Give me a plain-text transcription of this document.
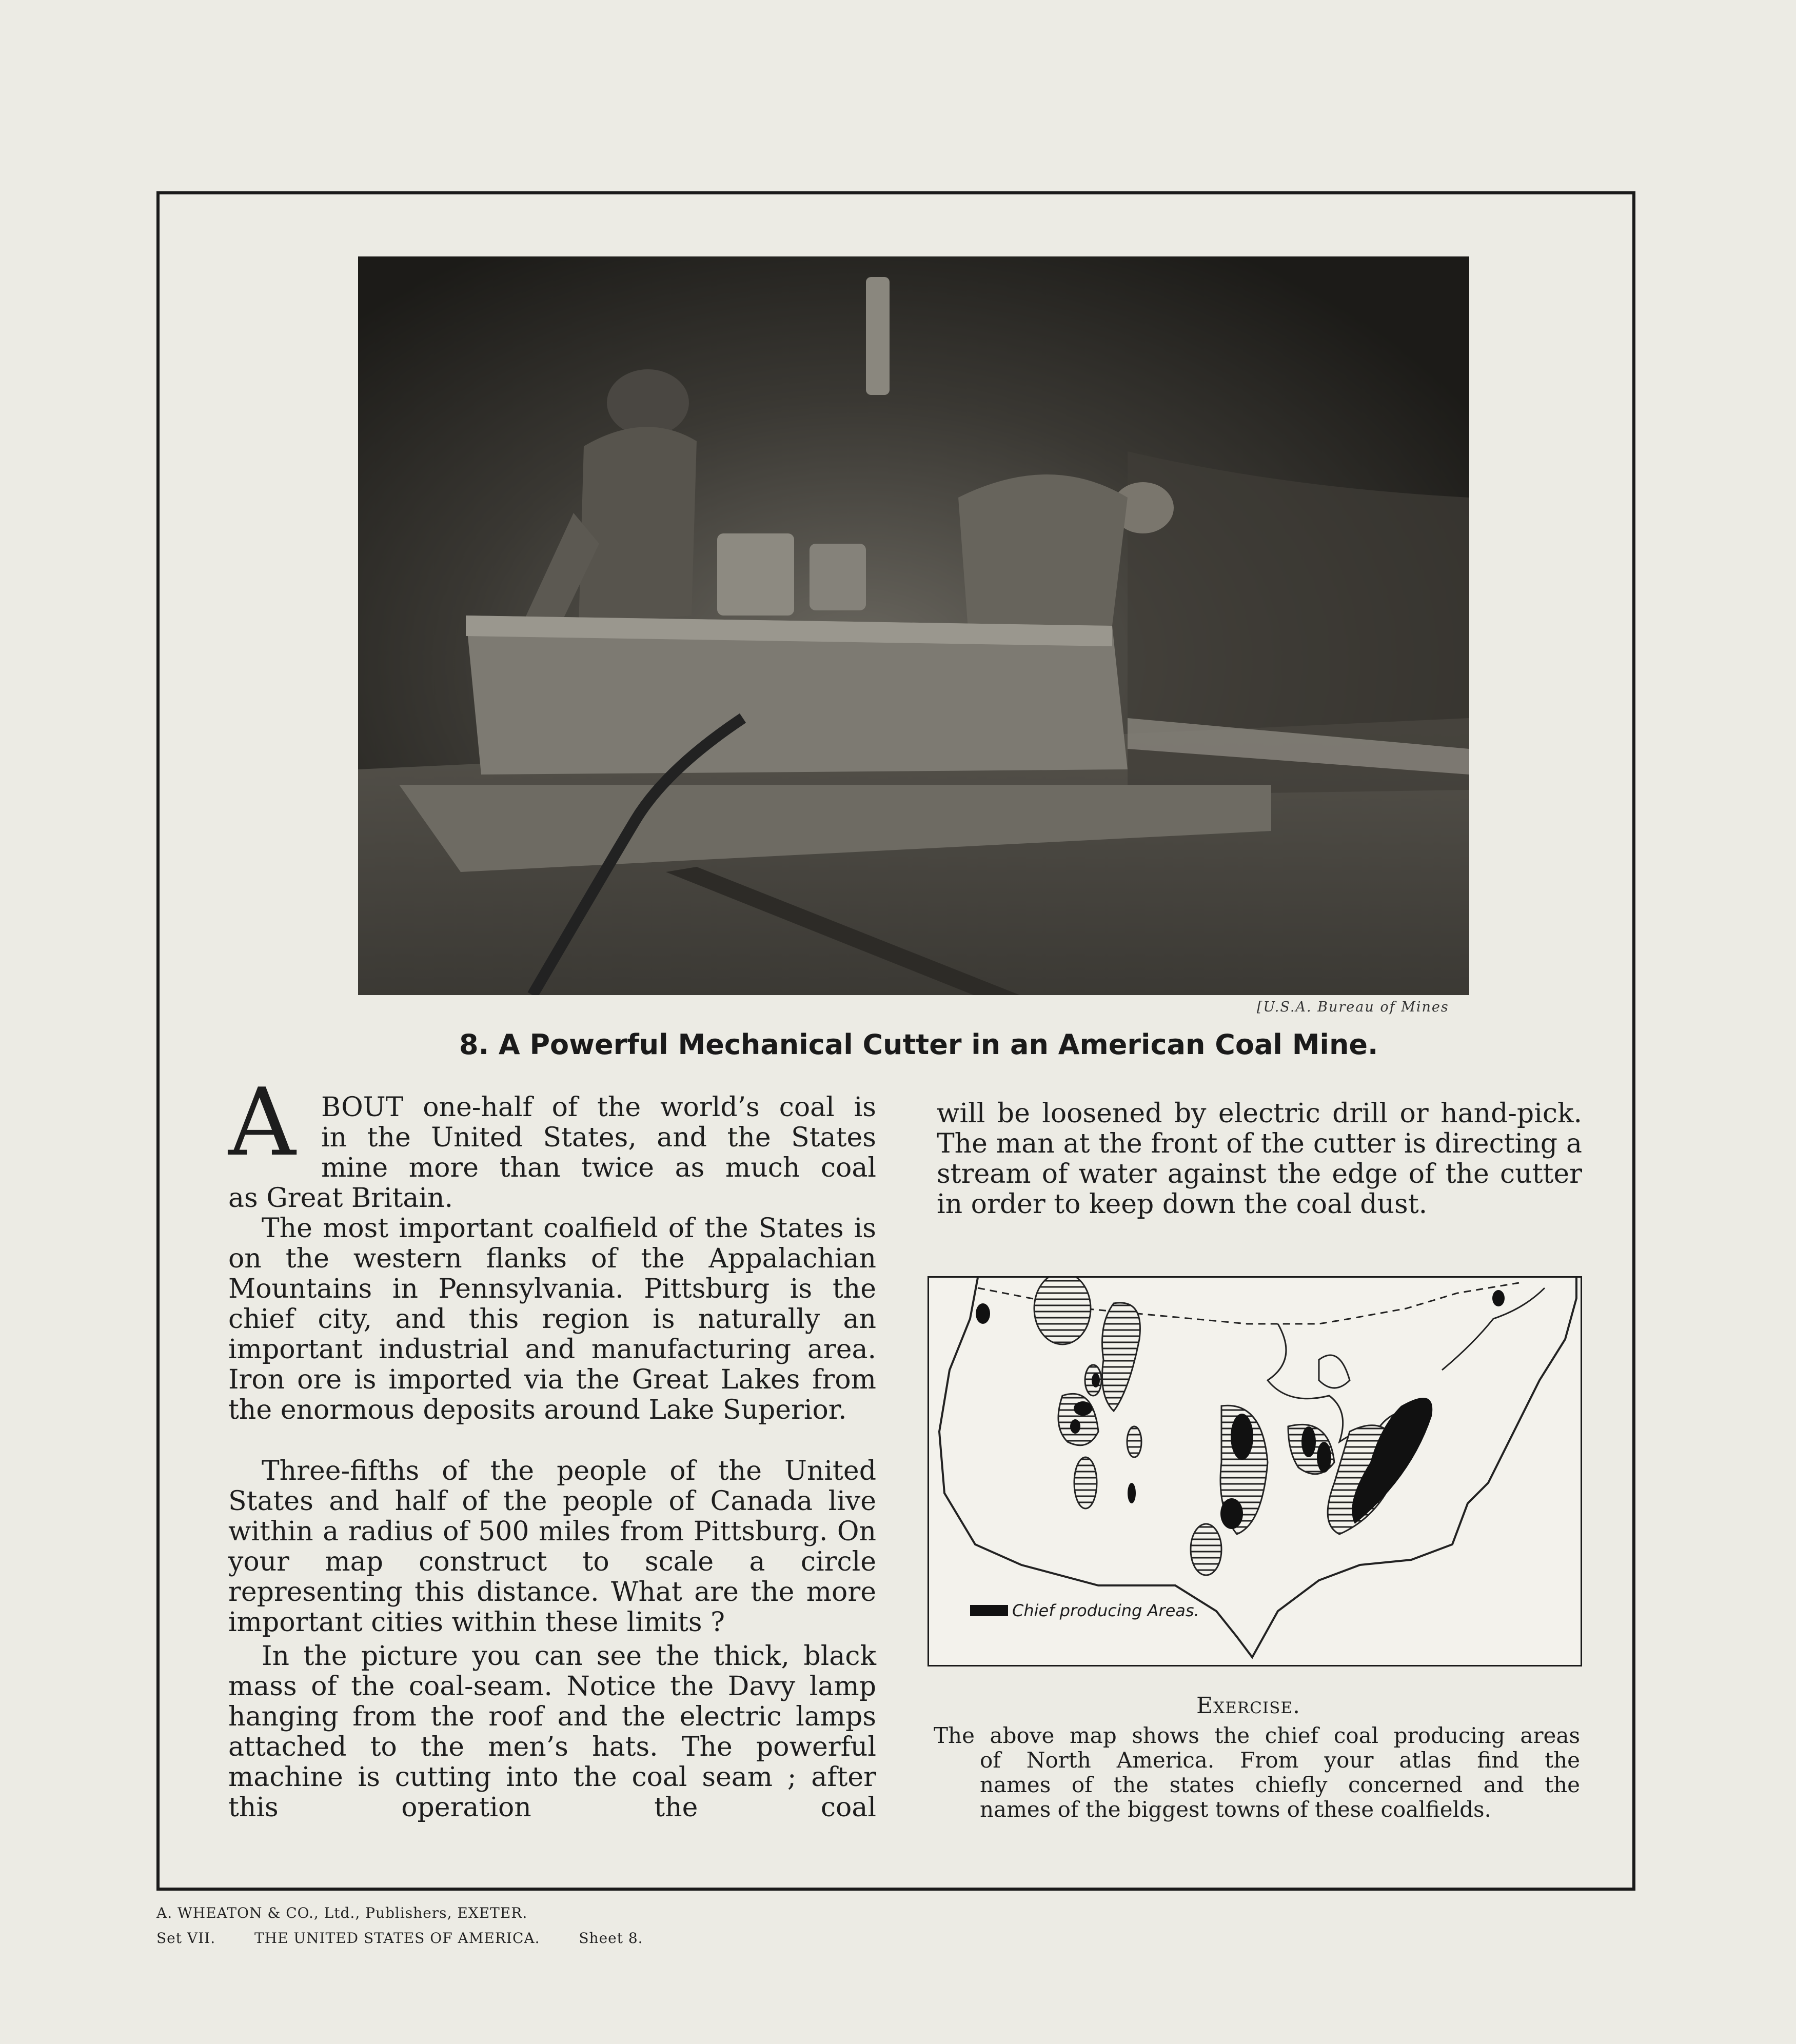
[U.S.A. Bureau of Mines
8. A Powerful Mechanical Cutter in an American Coal Mine.
A BOUT one-half of the world’s coal is
in the United States, and the States
mine more than twice as much coal
as Great Britain.

The most important coalfield of the States is on the western flanks of the Appalachian Mountains in Pennsylvania. Pittsburg is the chief city, and this region is naturally an important industrial and manufacturing area. Iron ore is imported via the Great Lakes from the enormous deposits around Lake Superior.

Three-fifths of the people of the United States and half of the people of Canada live within a radius of 500 miles from Pittsburg. On your map construct to scale a circle representing this distance. What are the more important cities within these limits ?

In the picture you can see the thick, black mass of the coal-seam. Notice the Davy lamp hanging from the roof and the electric lamps attached to the men’s hats. The powerful machine is cutting into the coal seam ; after this operation the coal

will be loosened by electric drill or hand-pick. The man at the front of the cutter is directing a stream of water against the edge of the cutter in order to keep down the coal dust.

Chief producing Areas.
Exercise.

The above map shows the chief coal producing areas
of North America. From your atlas find the
names of the states chiefly concerned and the
names of the biggest towns of these coalfields.

A. WHEATON & CO., Ltd., Publishers, EXETER.
Set VII.	THE UNITED STATES OF AMERICA.	Sheet 8.
